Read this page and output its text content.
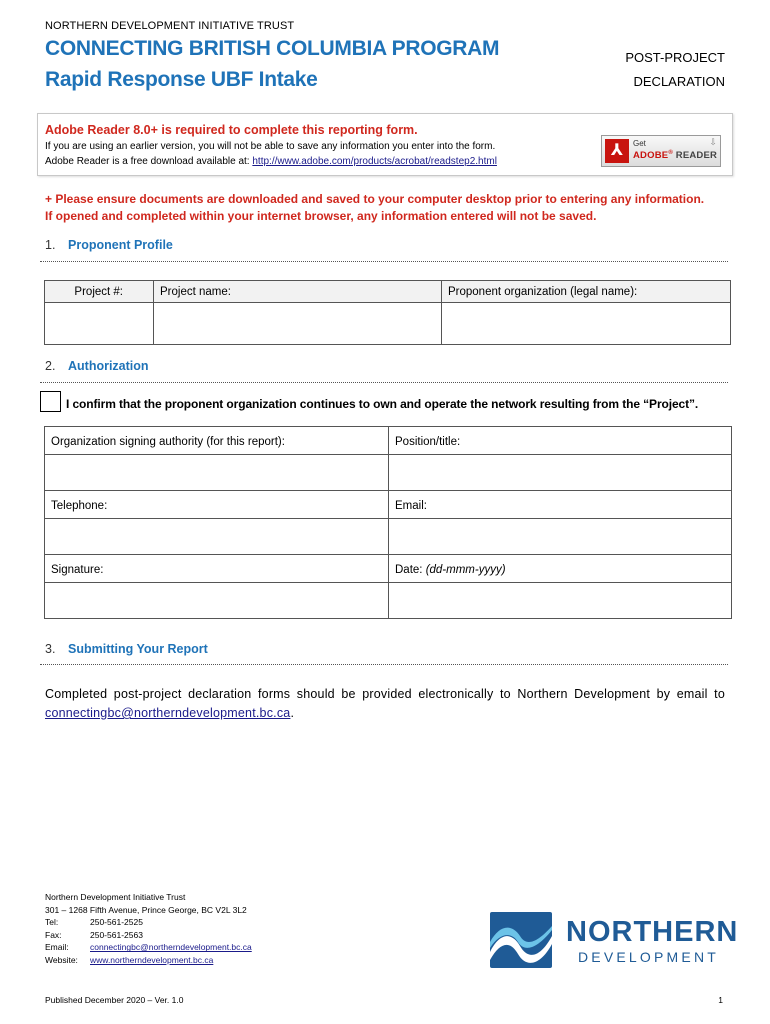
NORTHERN DEVELOPMENT INITIATIVE TRUST
CONNECTING BRITISH COLUMBIA PROGRAM
Rapid Response UBF Intake
POST-PROJECT
DECLARATION
Adobe Reader 8.0+ is required to complete this reporting form.
If you are using an earlier version, you will not be able to save any information you enter into the form.
Adobe Reader is a free download available at: http://www.adobe.com/products/acrobat/readstep2.html
⅄	Get
ADOBE® READER
⇩
+ Please ensure documents are downloaded and saved to your computer desktop prior to entering any information.
If opened and completed within your internet browser, any information entered will not be saved.
1. Proponent Profile
Project #:	Project name:	Proponent organization (legal name):

2. Authorization
I confirm that the proponent organization continues to own and operate the network resulting from the “Project”.
Organization signing authority (for this report):	Position/title:

Telephone:	Email:

Signature:	Date: (dd-mmm-yyyy)

3. Submitting Your Report
Completed post-project declaration forms should be provided electronically to Northern Development by email to connectingbc@northerndevelopment.bc.ca.
Northern Development Initiative Trust
301 – 1268 Fifth Avenue, Prince George, BC V2L 3L2
Tel:	250-561-2525
Fax:	250-561-2563
Email:	connectingbc@northerndevelopment.bc.ca
Website: www.northerndevelopment.bc.ca
NORTHERN
DEVELOPMENT
Published December 2020 – Ver. 1.0	1
